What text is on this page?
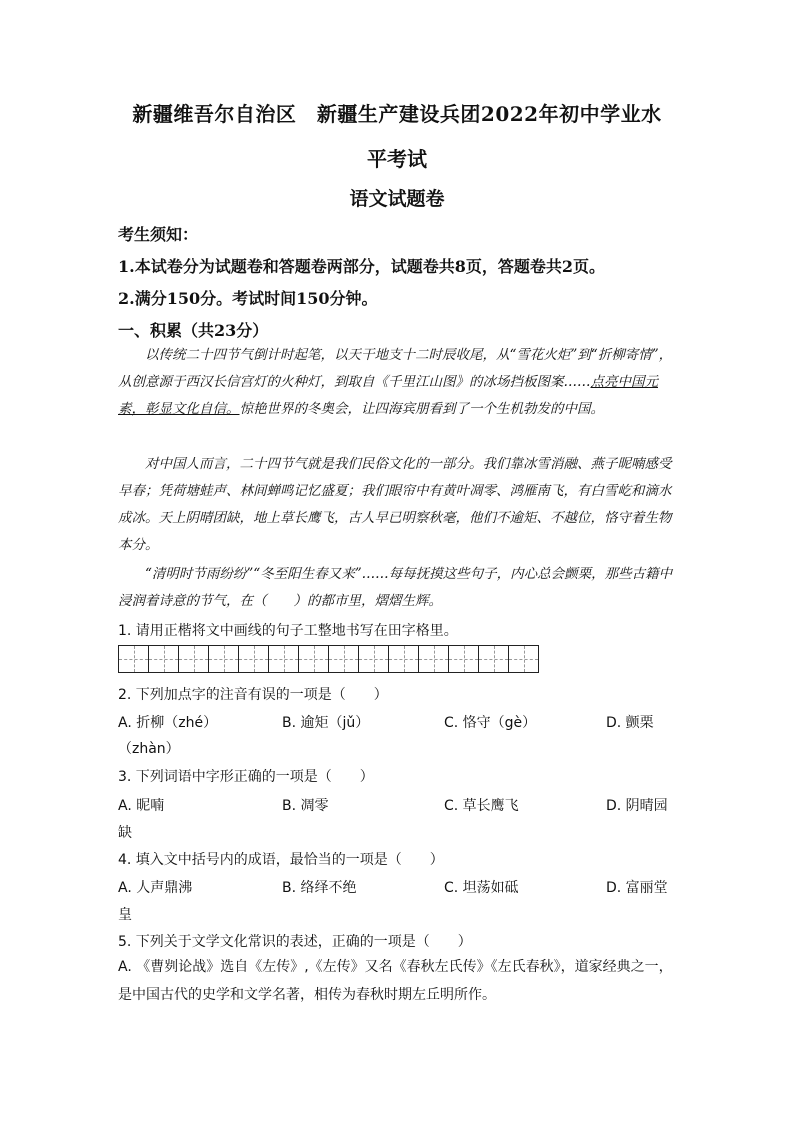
新疆维吾尔自治区　新疆生产建设兵团2022年初中学业水
平考试
语文试题卷
考生须知：
1.本试卷分为试题卷和答题卷两部分，试题卷共8页，答题卷共2页。
2.满分150分。考试时间150分钟。
一、积累（共23分）

以传统二十四节气倒计时起笔，以天干地支十二时辰收尾，从“雪花火炬”到“折柳寄情”，从创意源于西汉长信宫灯的火种灯，到取自《千里江山图》的冰场挡板图案……点亮中国元素，彰显文化自信。惊艳世界的冬奥会，让四海宾朋看到了一个生机勃发的中国。

对中国人而言，二十四节气就是我们民俗文化的一部分。我们靠冰雪消融、燕子昵喃感受早春；凭荷塘蛙声、林间蝉鸣记忆盛夏；我们眼帘中有黄叶凋零、鸿雁南飞，有白雪屹和滴水成冰。天上阴晴团缺，地上草长鹰飞，古人早已明察秋毫，他们不逾矩、不越位，恪守着生物本分。

“清明时节雨纷纷”“冬至阳生春又来”……每每抚摸这些句子，内心总会颤栗，那些古籍中浸润着诗意的节气，在（　　）的都市里，熠熠生辉。

1. 请用正楷将文中画线的句子工整地书写在田字格里。
2. 下列加点字的注音有误的一项是（　　）
A. 折柳（zhé）	B. 逾矩（jǔ）	C. 恪守（gè）	D. 颤栗
（zhàn）
3. 下列词语中字形正确的一项是（　　）
A. 昵喃	B. 凋零	C. 草长鹰飞	D. 阴晴园
缺
4. 填入文中括号内的成语，最恰当的一项是（　　）
A. 人声鼎沸	B. 络绎不绝	C. 坦荡如砥	D. 富丽堂
皇
5. 下列关于文学文化常识的表述，正确的一项是（　　）

A. 《曹刿论战》选自《左传》,《左传》又名《春秋左氏传》《左氏春秋》，道家经典之一，是中国古代的史学和文学名著，相传为春秋时期左丘明所作。
